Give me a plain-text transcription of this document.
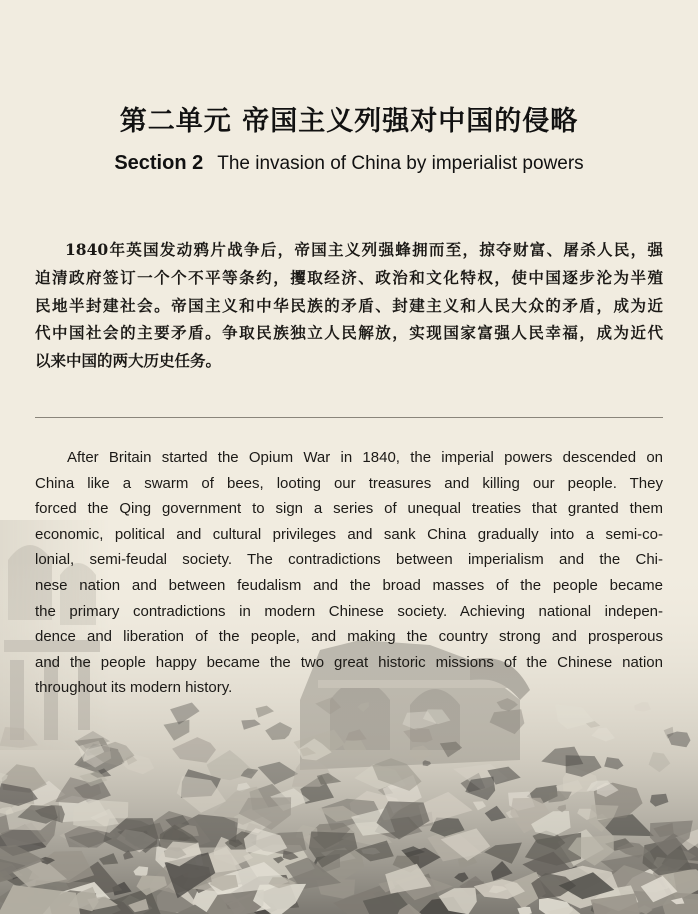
第二单元 帝国主义列强对中国的侵略
Section 2 The invasion of China by imperialist powers
1840年英国发动鸦片战争后，帝国主义列强蜂拥而至，掠夺财富、屠杀人民，强
迫清政府签订一个个不平等条约，攫取经济、政治和文化特权，使中国逐步沦为半殖
民地半封建社会。帝国主义和中华民族的矛盾、封建主义和人民大众的矛盾，成为近
代中国社会的主要矛盾。争取民族独立人民解放，实现国家富强人民幸福，成为近代
以来中国的两大历史任务。
After Britain started the Opium War in 1840, the imperial powers descended on
China like a swarm of bees, looting our treasures and killing our people. They
forced the Qing government to sign a series of unequal treaties that granted them
economic, political and cultural privileges and sank China gradually into a semi-co-
lonial, semi-feudal society. The contradictions between imperialism and the Chi-
nese nation and between feudalism and the broad masses of the people became
the primary contradictions in modern Chinese society. Achieving national indepen-
dence and liberation of the people, and making the country strong and prosperous
and the people happy became the two great historic missions of the Chinese nation
throughout its modern history.
